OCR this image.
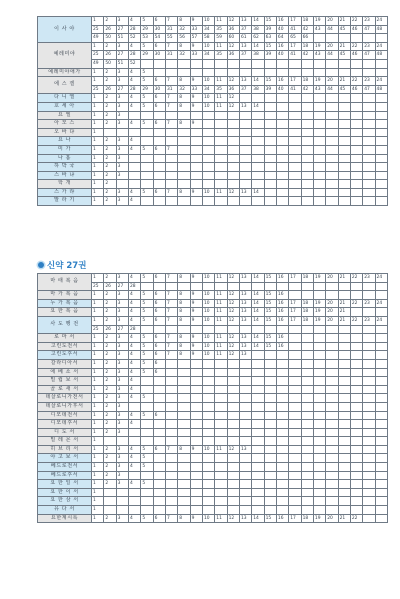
이 사 야	1	2	3	4	5	6	7	8	9	10	11	12	13	14	15	16	17	18	19	20	21	22	23	24
	25	26	27	28	29	30	31	32	33	34	35	36	37	38	39	40	41	42	43	44	45	46	47	48
	49	50	51	52	53	54	55	56	57	58	59	60	61	62	63	64	65	66						
예레미야	1	2	3	4	5	6	7	8	9	10	11	12	13	14	15	16	17	18	19	20	21	22	23	24
	25	26	27	28	29	30	31	32	33	34	35	36	37	38	39	40	41	42	43	44	45	46	47	48
	49	50	51	52																				
예레미야애가	1	2	3	4	5																			
에 스 겔	1	2	3	4	5	6	7	8	9	10	11	12	13	14	15	16	17	18	19	20	21	22	23	24
	25	26	27	28	29	30	31	32	33	34	35	36	37	38	39	40	41	42	43	44	45	46	47	48
다 니 엘	1	2	3	4	5	6	7	8	9	10	11	12												
호 세 아	1	2	3	4	5	6	7	8	9	10	11	12	13	14										
요 엘	1	2	3																					
아 모 스	1	2	3	4	5	6	7	8	9															
오 바 댜	1																							
요 나	1	2	3	4																				
미 가	1	2	3	4	5	6	7																	
나 훔	1	2	3																					
하 박 국	1	2	3																					
스 바 냐	1	2	3																					
학 개	1	2																						
스 가 랴	1	2	3	4	5	6	7	8	9	10	11	12	13	14										
말 라 기	1	2	3	4																				
신약 27권
마 태 복 음	1	2	3	4	5	6	7	8	9	10	11	12	13	14	15	16	17	18	19	20	21	22	23	24
	25	26	27	28																				
마 가 복 음	1	2	3	4	5	6	7	8	9	10	11	12	13	14	15	16								
누 가 복 음	1	2	3	4	5	6	7	8	9	10	11	12	13	14	15	16	17	18	19	20	21	22	23	24
요 한 복 음	1	2	3	4	5	6	7	8	9	10	11	12	13	14	15	16	17	18	19	20	21			
사 도 행 전	1	2	3	4	5	6	7	8	9	10	11	12	13	14	15	16	17	18	19	20	21	22	23	24
	25	26	27	28																				
로 마 서	1	2	3	4	5	6	7	8	9	10	11	12	13	14	15	16								
고린도전서	1	2	3	4	5	6	7	8	9	10	11	12	13	14	15	16								
고린도후서	1	2	3	4	5	6	7	8	9	10	11	12	13											
갈라디아서	1	2	3	4	5	6																		
에 베 소 서	1	2	3	4	5	6																		
빌 립 보 서	1	2	3	4																				
골 로 새 서	1	2	3	4																				
데살로니가전서	1	2	3	4	5																			
데살로니가후서	1	2	3																					
디모데전서	1	2	3	4	5	6																		
디모데후서	1	2	3	4																				
디 도 서	1	2	3																					
빌 레 몬 서	1																							
히 브 리 서	1	2	3	4	5	6	7	8	9	10	11	12	13											
야 고 보 서	1	2	3	4	5																			
베드로전서	1	2	3	4	5																			
베드로후서	1	2	3																					
요 한 일 서	1	2	3	4	5																			
요 한 이 서	1																							
요 한 삼 서	1																							
유 다 서	1																							
요한계시록	1	2	3	4	5	6	7	8	9	10	11	12	13	14	15	16	17	18	19	20	21	22		
